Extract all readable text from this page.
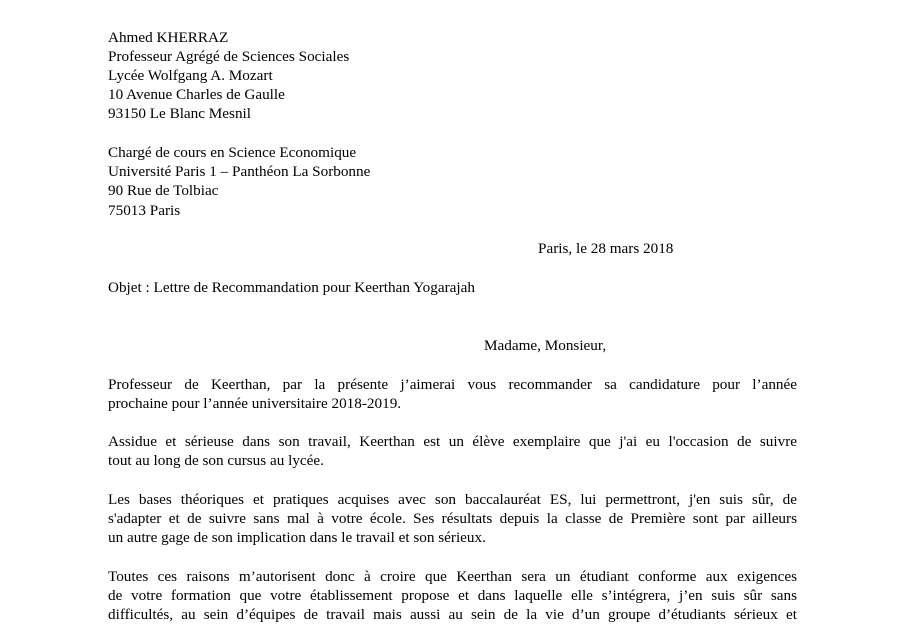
Ahmed KHERRAZ
Professeur Agrégé de Sciences Sociales
Lycée Wolfgang A. Mozart
10 Avenue Charles de Gaulle
93150 Le Blanc Mesnil
Chargé de cours en Science Economique
Université Paris 1 – Panthéon La Sorbonne
90 Rue de Tolbiac
75013 Paris
Paris, le 28 mars 2018
Objet : Lettre de Recommandation pour Keerthan Yogarajah
Madame, Monsieur,
Professeur de Keerthan, par la présente j’aimerai vous recommander sa candidature pour l’année
prochaine pour l’année universitaire 2018-2019.
Assidue et sérieuse dans son travail, Keerthan est un élève exemplaire que j'ai eu l'occasion de suivre
tout au long de son cursus au lycée.
Les bases théoriques et pratiques acquises avec son baccalauréat ES, lui permettront, j'en suis sûr, de
s'adapter et de suivre sans mal à votre école. Ses résultats depuis la classe de Première sont par ailleurs
un autre gage de son implication dans le travail et son sérieux.
Toutes ces raisons m’autorisent donc à croire que Keerthan sera un étudiant conforme aux exigences
de votre formation que votre établissement propose et dans laquelle elle s’intégrera, j’en suis sûr sans
difficultés, au sein d’équipes de travail mais aussi au sein de la vie d’un groupe d’étudiants sérieux et
